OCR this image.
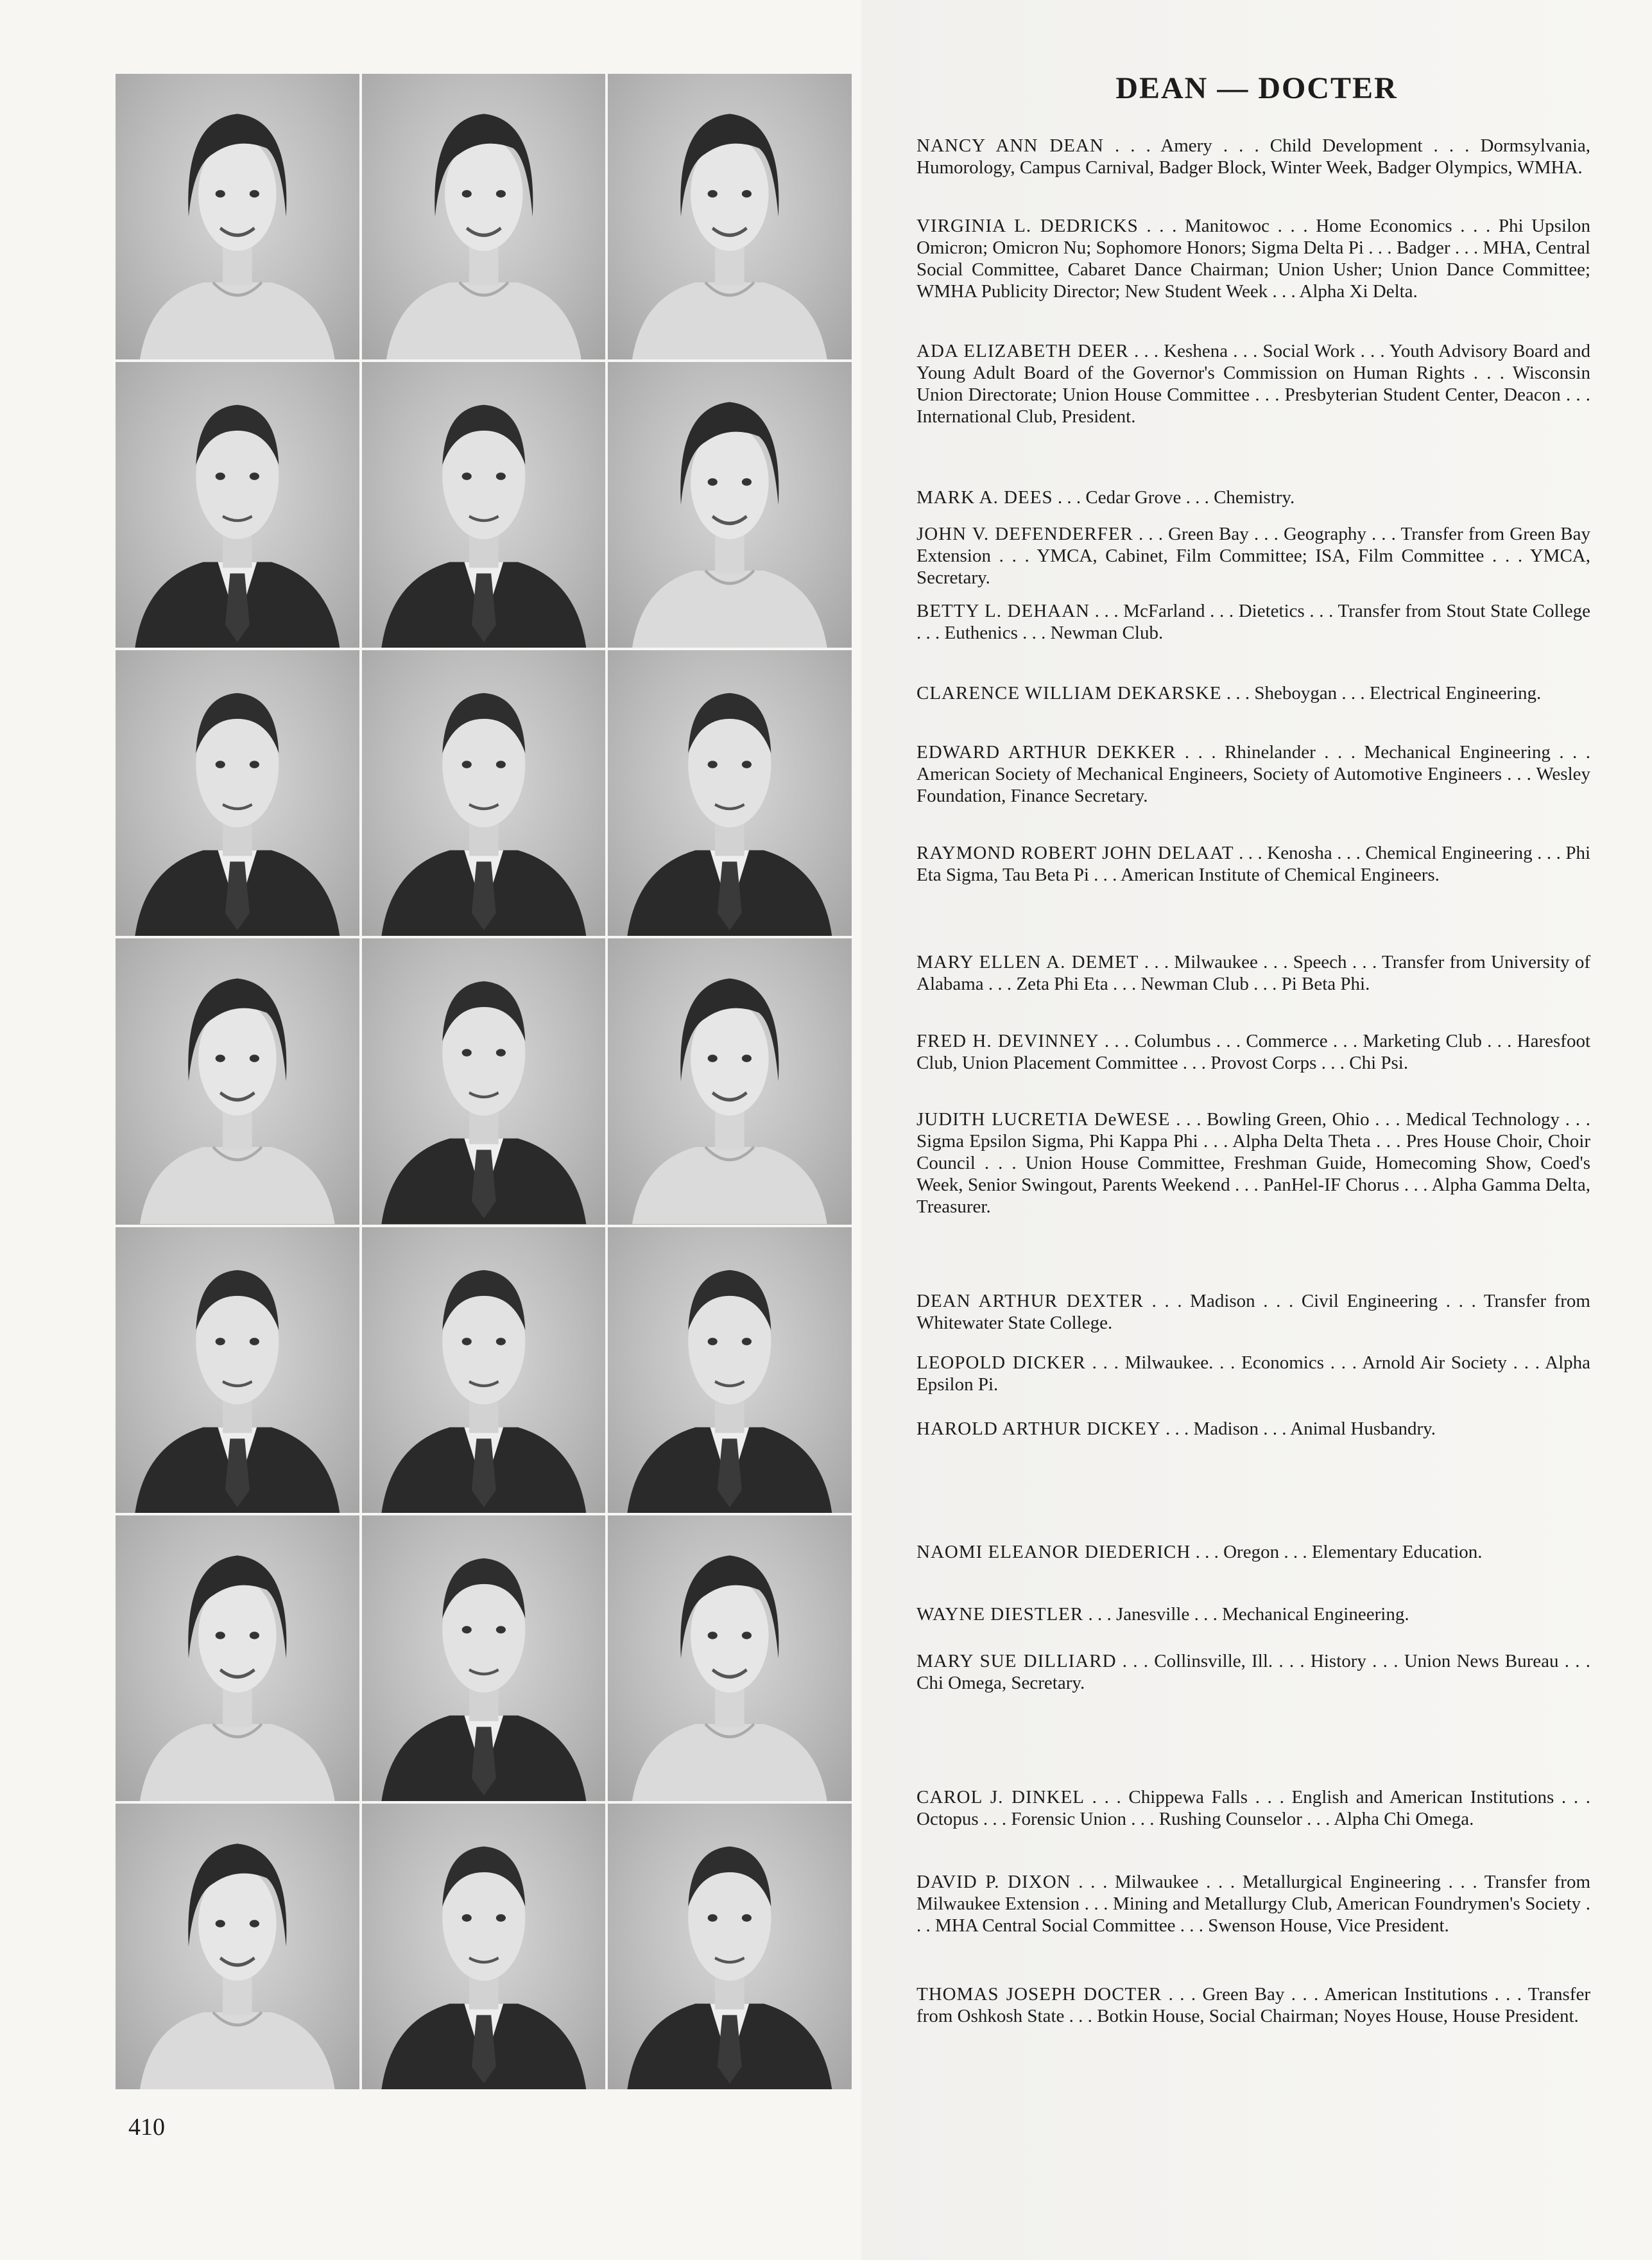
DEAN — DOCTER
NANCY ANN DEAN . . . Amery . . . Child Development . . . Dormsylvania, Humorology, Campus Carnival, Badger Block, Winter Week, Badger Olympics, WMHA.
VIRGINIA L. DEDRICKS . . . Manitowoc . . . Home Economics . . . Phi Upsilon Omicron; Omicron Nu; Sophomore Honors; Sigma Delta Pi . . . Badger . . . MHA, Central Social Committee, Cabaret Dance Chairman; Union Usher; Union Dance Committee; WMHA Publicity Director; New Student Week . . . Alpha Xi Delta.
ADA ELIZABETH DEER . . . Keshena . . . Social Work . . . Youth Advisory Board and Young Adult Board of the Governor's Commission on Human Rights . . . Wisconsin Union Directorate; Union House Committee . . . Presbyterian Student Center, Deacon . . . International Club, President.
MARK A. DEES . . . Cedar Grove . . . Chemistry.
JOHN V. DEFENDERFER . . . Green Bay . . . Geography . . . Transfer from Green Bay Extension . . . YMCA, Cabinet, Film Committee; ISA, Film Committee . . . YMCA, Secretary.
BETTY L. DEHAAN . . . McFarland . . . Dietetics . . . Transfer from Stout State College . . . Euthenics . . . Newman Club.
CLARENCE WILLIAM DEKARSKE . . . Sheboygan . . . Electrical Engineering.
EDWARD ARTHUR DEKKER . . . Rhinelander . . . Mechanical Engineering . . . American Society of Mechanical Engineers, Society of Automotive Engineers . . . Wesley Foundation, Finance Secretary.
RAYMOND ROBERT JOHN DELAAT . . . Kenosha . . . Chemical Engineering . . . Phi Eta Sigma, Tau Beta Pi . . . American Institute of Chemical Engineers.
MARY ELLEN A. DEMET . . . Milwaukee . . . Speech . . . Transfer from University of Alabama . . . Zeta Phi Eta . . . Newman Club . . . Pi Beta Phi.
FRED H. DEVINNEY . . . Columbus . . . Commerce . . . Marketing Club . . . Haresfoot Club, Union Placement Committee . . . Provost Corps . . . Chi Psi.
JUDITH LUCRETIA DeWESE . . . Bowling Green, Ohio . . . Medical Technology . . . Sigma Epsilon Sigma, Phi Kappa Phi . . . Alpha Delta Theta . . . Pres House Choir, Choir Council . . . Union House Committee, Freshman Guide, Homecoming Show, Coed's Week, Senior Swingout, Parents Weekend . . . PanHel-IF Chorus . . . Alpha Gamma Delta, Treasurer.
DEAN ARTHUR DEXTER . . . Madison . . . Civil Engineering . . . Transfer from Whitewater State College.
LEOPOLD DICKER . . . Milwaukee. . . Economics . . . Arnold Air Society . . . Alpha Epsilon Pi.
HAROLD ARTHUR DICKEY . . . Madison . . . Animal Husbandry.
NAOMI ELEANOR DIEDERICH . . . Oregon . . . Elementary Education.
WAYNE DIESTLER . . . Janesville . . . Mechanical Engineering.
MARY SUE DILLIARD . . . Collinsville, Ill. . . . History . . . Union News Bureau . . . Chi Omega, Secretary.
CAROL J. DINKEL . . . Chippewa Falls . . . English and American Institutions . . . Octopus . . . Forensic Union . . . Rushing Counselor . . . Alpha Chi Omega.
DAVID P. DIXON . . . Milwaukee . . . Metallurgical Engineering . . . Transfer from Milwaukee Extension . . . Mining and Metallurgy Club, American Foundrymen's Society . . . MHA Central Social Committee . . . Swenson House, Vice President.
THOMAS JOSEPH DOCTER . . . Green Bay . . . American Institutions . . . Transfer from Oshkosh State . . . Botkin House, Social Chairman; Noyes House, House President.
410
